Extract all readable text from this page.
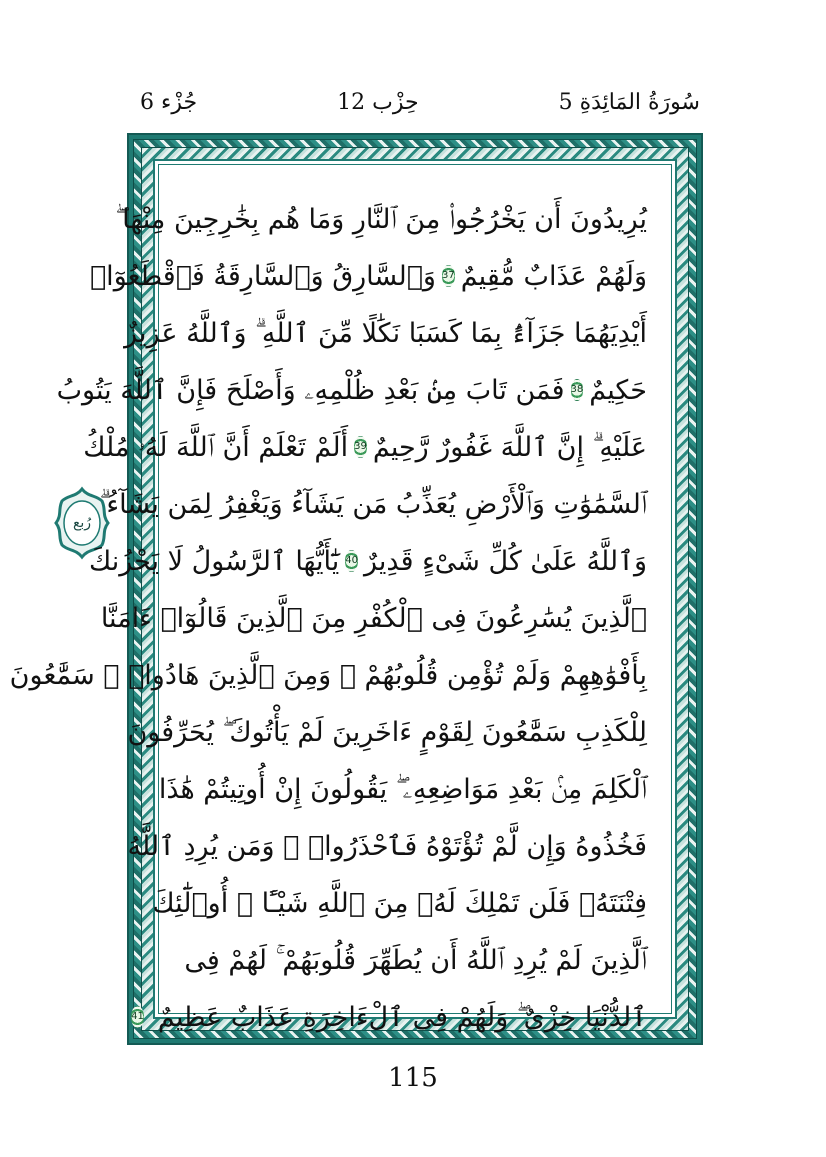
جُزْء 6	حِزْب 12	5 سُورَةُ المَائِدَةِ
رُبع
يُرِيدُونَ أَن يَخْرُجُوا۟ مِنَ ٱلنَّارِ وَمَا هُم بِخَٰرِجِينَ مِنْهَا ۖ
وَلَهُمْ عَذَابٌ مُّقِيمٌ
37
وَٱلسَّارِقُ وَٱلسَّارِقَةُ فَٱقْطَعُوٓا۟
أَيْدِيَهُمَا جَزَآءًۢ بِمَا كَسَبَا نَكَٰلًا مِّنَ ٱللَّهِ ۗ وَٱللَّهُ عَزِيزٌ
حَكِيمٌ
38
فَمَن تَابَ مِنۢ بَعْدِ ظُلْمِهِۦ وَأَصْلَحَ فَإِنَّ ٱللَّهَ يَتُوبُ
عَلَيْهِ ۗ إِنَّ ٱللَّهَ غَفُورٌ رَّحِيمٌ
39
أَلَمْ تَعْلَمْ أَنَّ ٱللَّهَ لَهُۥ مُلْكُ
ٱلسَّمَٰوَٰتِ وَٱلْأَرْضِ يُعَذِّبُ مَن يَشَآءُ وَيَغْفِرُ لِمَن يَشَآءُ ۗ
وَٱللَّهُ عَلَىٰ كُلِّ شَىْءٍ قَدِيرٌ
40
يَٰٓأَيُّهَا ٱلرَّسُولُ لَا يَحْزُنكَ
ٱلَّذِينَ يُسَٰرِعُونَ فِى ٱلْكُفْرِ مِنَ ٱلَّذِينَ قَالُوٓا۟ ءَامَنَّا
بِأَفْوَٰهِهِمْ وَلَمْ تُؤْمِن قُلُوبُهُمْ ۛ وَمِنَ ٱلَّذِينَ هَادُوا۟ ۛ سَمَّٰعُونَ
لِلْكَذِبِ سَمَّٰعُونَ لِقَوْمٍ ءَاخَرِينَ لَمْ يَأْتُوكَ ۖ يُحَرِّفُونَ
ٱلْكَلِمَ مِنۢ بَعْدِ مَوَاضِعِهِۦ ۖ يَقُولُونَ إِنْ أُوتِيتُمْ هَٰذَا
فَخُذُوهُ وَإِن لَّمْ تُؤْتَوْهُ فَٱحْذَرُوا۟ ۚ وَمَن يُرِدِ ٱللَّهُ
فِتْنَتَهُۥ فَلَن تَمْلِكَ لَهُۥ مِنَ ٱللَّهِ شَيْـًٔا ۚ أُو۟لَٰٓئِكَ
ٱلَّذِينَ لَمْ يُرِدِ ٱللَّهُ أَن يُطَهِّرَ قُلُوبَهُمْ ۚ لَهُمْ فِى
ٱلدُّنْيَا خِزْىٌ ۖ وَلَهُمْ فِى ٱلْءَاخِرَةِ عَذَابٌ عَظِيمٌ
41
115
